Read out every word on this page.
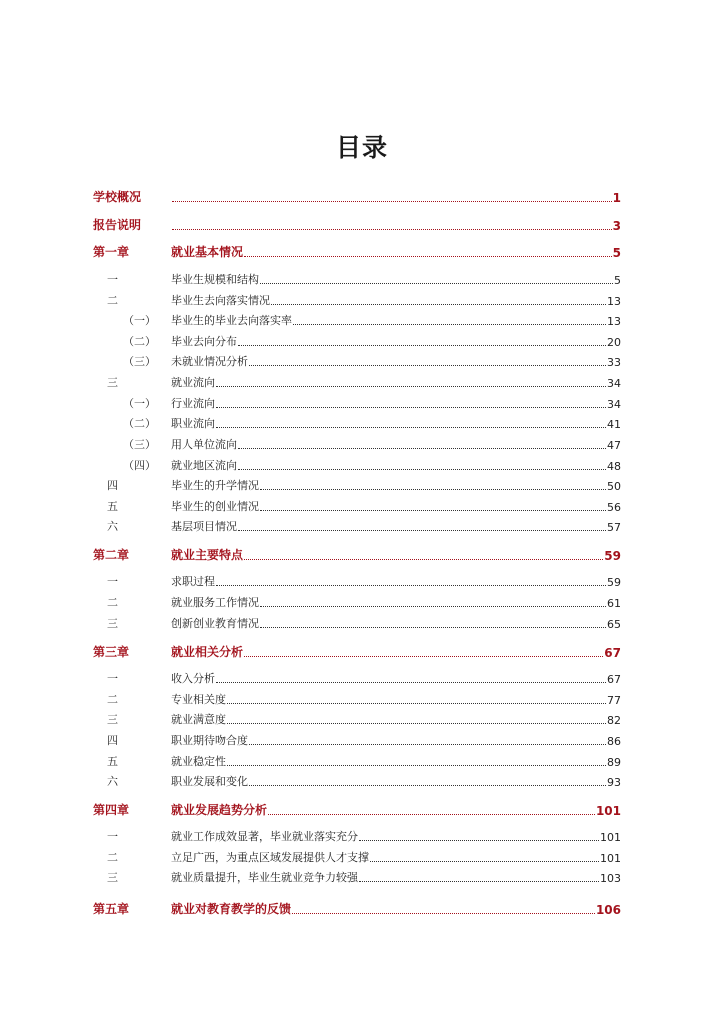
目录
学校概况	1
报告说明	3
第一章	就业基本情况	5
一	毕业生规模和结构	5
二	毕业生去向落实情况	13
（一）	毕业生的毕业去向落实率	13
（二）	毕业去向分布	20
（三）	未就业情况分析	33
三	就业流向	34
（一）	行业流向	34
（二）	职业流向	41
（三）	用人单位流向	47
（四）	就业地区流向	48
四	毕业生的升学情况	50
五	毕业生的创业情况	56
六	基层项目情况	57
第二章	就业主要特点	59
一	求职过程	59
二	就业服务工作情况	61
三	创新创业教育情况	65
第三章	就业相关分析	67
一	收入分析	67
二	专业相关度	77
三	就业满意度	82
四	职业期待吻合度	86
五	就业稳定性	89
六	职业发展和变化	93
第四章	就业发展趋势分析	101
一	就业工作成效显著，毕业就业落实充分	101
二	立足广西，为重点区域发展提供人才支撑	101
三	就业质量提升，毕业生就业竞争力较强	103
第五章	就业对教育教学的反馈	106
